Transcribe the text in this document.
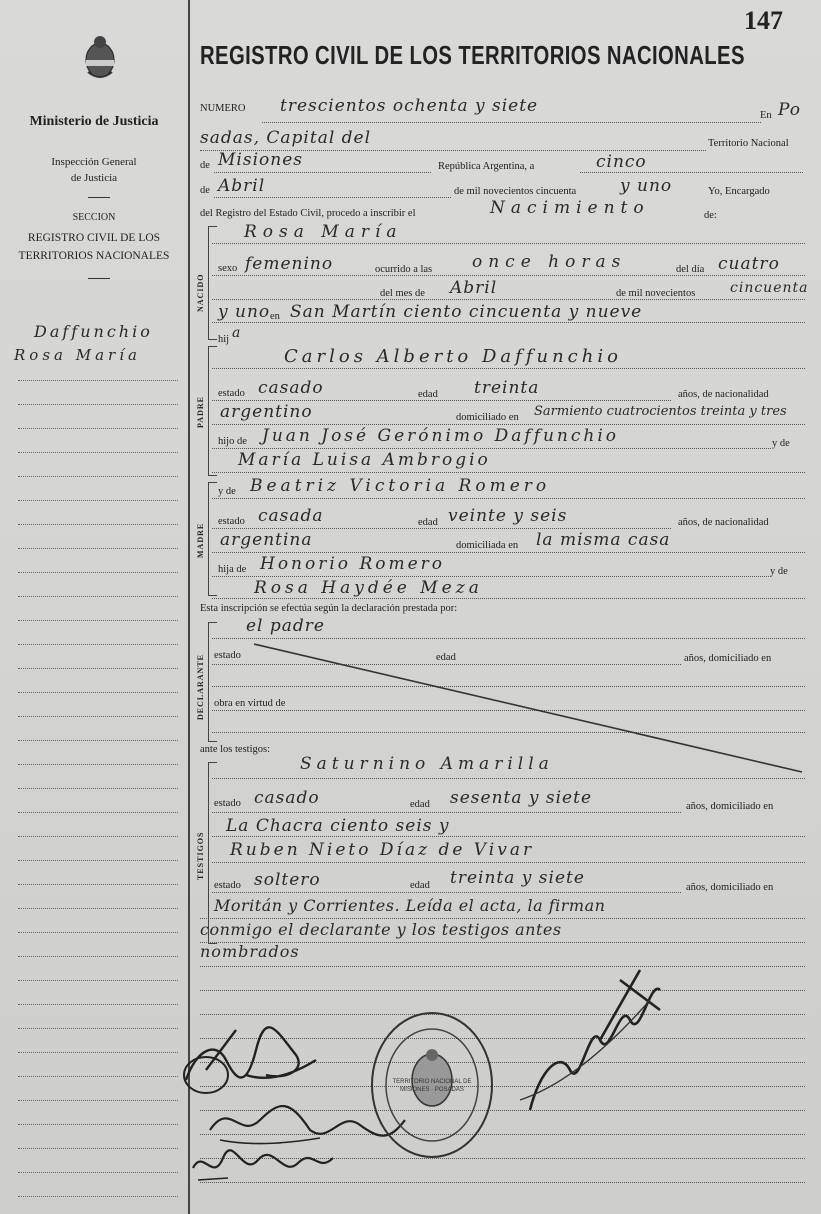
147
REGISTRO CIVIL DE LOS TERRITORIOS NACIONALES
Ministerio de Justicia
Inspección General
de Justicia
SECCION
REGISTRO CIVIL DE LOS
TERRITORIOS NACIONALES
Daffunchio
Rosa María
NUMERO trescientos ochenta y siete	En Po
sadas, Capital del	Territorio Nacional
de Misiones	República Argentina, a	cinco
de Abril	de mil novecientos cincuenta	y uno	Yo, Encargado
del Registro del Estado Civil, procedo a inscribir el	Nacimiento	de:
NACIDO
Rosa María
sexo femenino	ocurrido a las once horas	del día cuatro
del mes de Abril	de mil novecientos cincuenta
y uno en San Martín ciento cincuenta y nueve
hij a
PADRE
Carlos Alberto Daffunchio
estado casado	edad treinta	años, de nacionalidad
argentino	domiciliado en Sarmiento cuatrocientos treinta y tres
hijo de Juan José Gerónimo Daffunchio	y de
María Luisa Ambrogio
y de
MADRE
Beatriz Victoria Romero
estado casada	edad veinte y seis	años, de nacionalidad
argentina	domiciliada en la misma casa
hija de Honorio Romero	y de
Rosa Haydée Meza
Esta inscripción se efectúa según la declaración prestada por:
DECLARANTE
el padre
estado	edad	años, domiciliado en
obra en virtud de
ante los testigos:
TESTIGOS
Saturnino Amarilla
estado casado	edad sesenta y siete	años, domiciliado en
La Chacra ciento seis y
Ruben Nieto Díaz de Vivar
estado soltero	edad treinta y siete	años, domiciliado en
Moritán y Corrientes. Leída el acta, la firman
conmigo el declarante y los testigos antes
nombrados
TERRITORIO NACIONAL DE MISIONES · POSADAS
